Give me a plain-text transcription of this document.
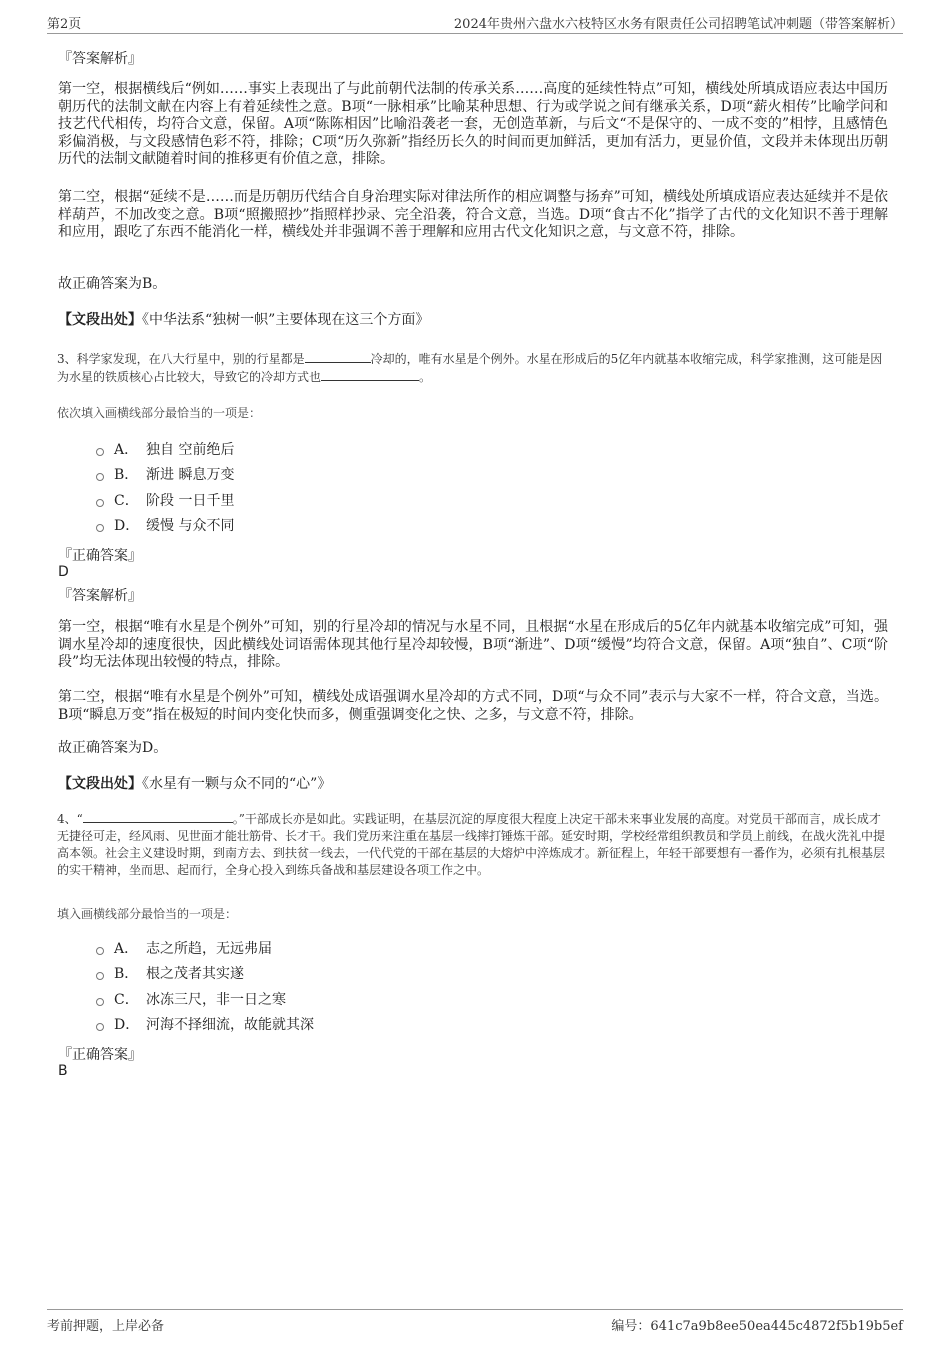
第2页	2024年贵州六盘水六枝特区水务有限责任公司招聘笔试冲刺题（带答案解析）
『答案解析』
第一空，根据横线后“例如……事实上表现出了与此前朝代法制的传承关系……高度的延续性特点”可知，横线处所填成语应表达中国历朝历代的法制文献在内容上有着延续性之意。B项“一脉相承”比喻某种思想、行为或学说之间有继承关系，D项“薪火相传”比喻学问和技艺代代相传，均符合文意，保留。A项“陈陈相因”比喻沿袭老一套，无创造革新，与后文“不是保守的、一成不变的”相悖，且感情色彩偏消极，与文段感情色彩不符，排除；C项“历久弥新”指经历长久的时间而更加鲜活，更加有活力，更显价值，文段并未体现出历朝历代的法制文献随着时间的推移更有价值之意，排除。
第二空，根据“延续不是……而是历朝历代结合自身治理实际对律法所作的相应调整与扬弃”可知，横线处所填成语应表达延续并不是依样葫芦，不加改变之意。B项“照搬照抄”指照样抄录、完全沿袭，符合文意，当选。D项“食古不化”指学了古代的文化知识不善于理解和应用，跟吃了东西不能消化一样，横线处并非强调不善于理解和应用古代文化知识之意，与文意不符，排除。
故正确答案为B。
【文段出处】《中华法系“独树一帜”主要体现在这三个方面》
3、科学家发现，在八大行星中，别的行星都是	冷却的，唯有水星是个例外。水星在形成后的5亿年内就基本收缩完成，科学家推测，这可能是因为水星的铁质核心占比较大，导致它的冷却方式也	。
依次填入画横线部分最恰当的一项是：
A． 独自 空前绝后
B． 渐进 瞬息万变
C． 阶段 一日千里
D． 缓慢 与众不同
『正确答案』
D
『答案解析』
第一空，根据“唯有水星是个例外”可知，别的行星冷却的情况与水星不同，且根据“水星在形成后的5亿年内就基本收缩完成”可知，强调水星冷却的速度很快，因此横线处词语需体现其他行星冷却较慢，B项“渐进”、D项“缓慢”均符合文意，保留。A项“独自”、C项“阶段”均无法体现出较慢的特点，排除。
第二空，根据“唯有水星是个例外”可知，横线处成语强调水星冷却的方式不同，D项“与众不同”表示与大家不一样，符合文意，当选。B项“瞬息万变”指在极短的时间内变化快而多，侧重强调变化之快、之多，与文意不符，排除。
故正确答案为D。
【文段出处】《水星有一颗与众不同的“心”》
4、“	。”干部成长亦是如此。实践证明，在基层沉淀的厚度很大程度上决定干部未来事业发展的高度。对党员干部而言，成长成才无捷径可走，经风雨、见世面才能壮筋骨、长才干。我们党历来注重在基层一线摔打锤炼干部。延安时期，学校经常组织教员和学员上前线，在战火洗礼中提高本领。社会主义建设时期，到南方去、到扶贫一线去，一代代党的干部在基层的大熔炉中淬炼成才。新征程上，年轻干部要想有一番作为，必须有扎根基层的实干精神，坐而思、起而行，全身心投入到练兵备战和基层建设各项工作之中。
填入画横线部分最恰当的一项是：
A． 志之所趋，无远弗届
B． 根之茂者其实遂
C． 冰冻三尺，非一日之寒
D． 河海不择细流，故能就其深
『正确答案』
B
考前押题，上岸必备	编号：641c7a9b8ee50ea445c4872f5b19b5ef
